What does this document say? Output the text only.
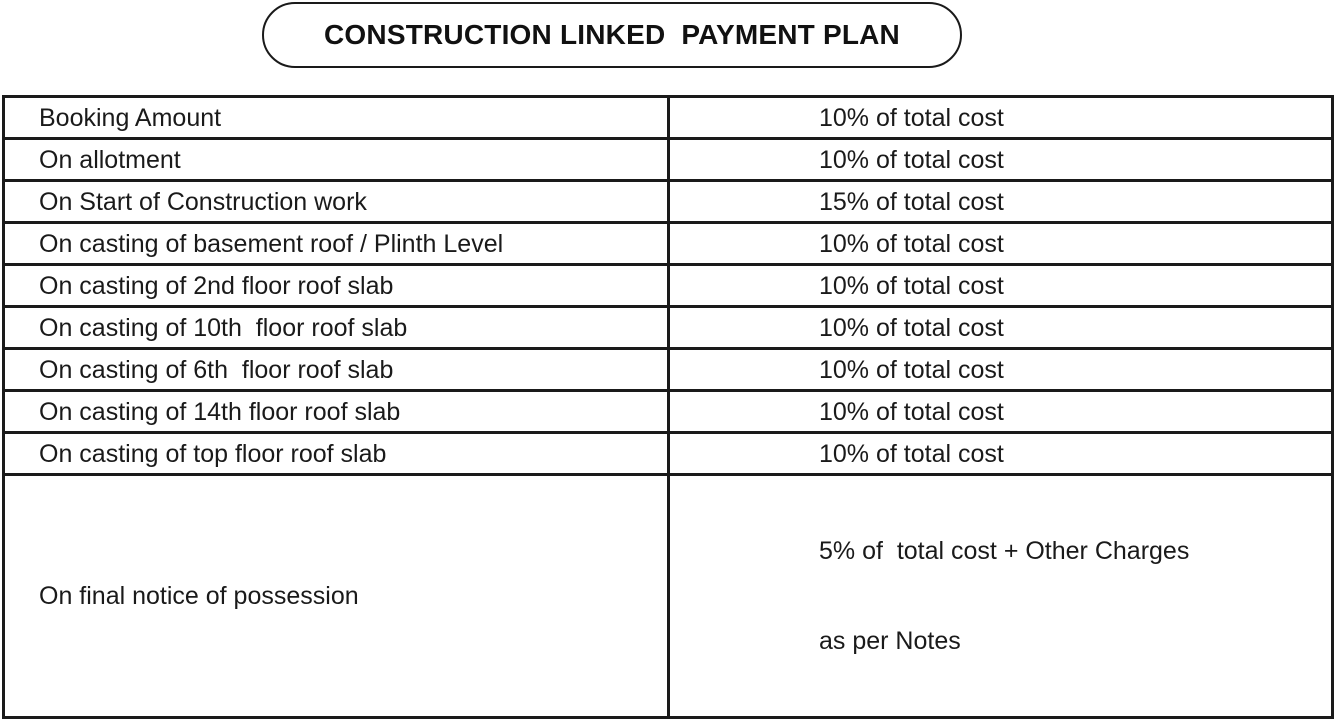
CONSTRUCTION LINKED  PAYMENT PLAN
Booking Amount	10% of total cost
On allotment	10% of total cost
On Start of Construction work	15% of total cost
On casting of basement roof / Plinth Level	10% of total cost
On casting of 2nd floor roof slab	10% of total cost
On casting of 10th  floor roof slab	10% of total cost
On casting of 6th  floor roof slab	10% of total cost
On casting of 14th floor roof slab	10% of total cost
On casting of top floor roof slab	10% of total cost
On final notice of possession	5% of  total cost + Other Charges

as per Notes
